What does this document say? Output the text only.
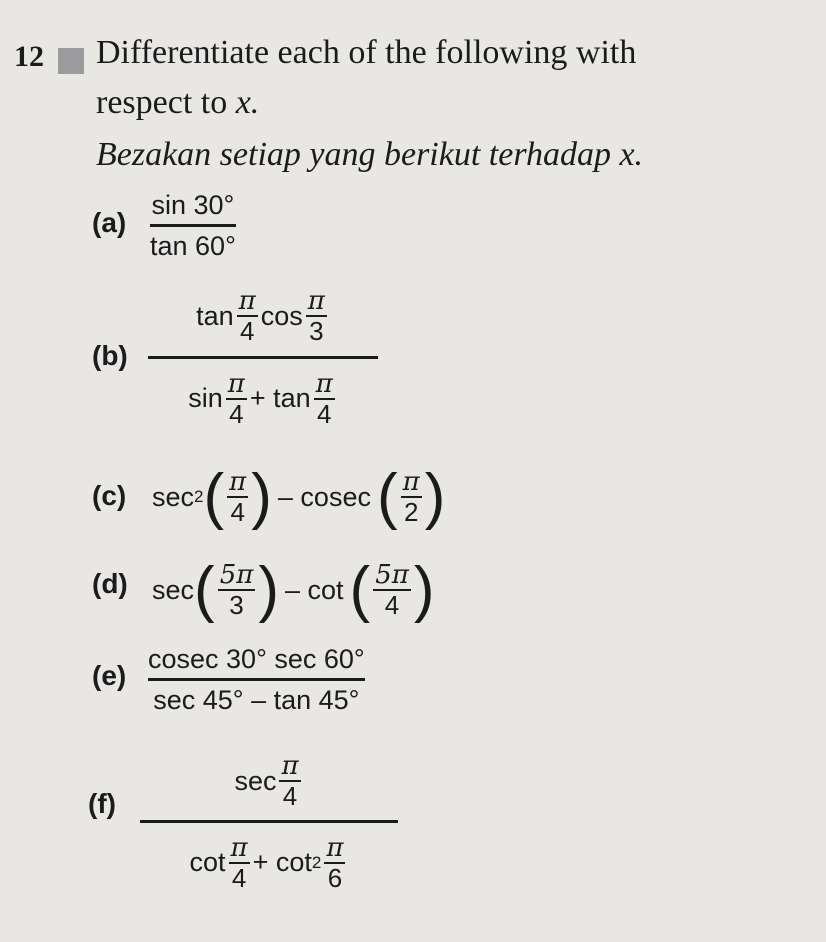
12 Differentiate each of the following with
respect to x.
Bezakan setiap yang berikut terhadap x.
(a)
sin 30°
tan 60°
(b)
$\tan \frac{\pi}{4}$ $\cos \frac{\pi}{3}$
$\sin \frac{\pi}{4} + \tan \frac{\pi}{4}$
(c) sec 2 ( $\frac{\pi}{4}$ ) – cosec ( $\frac{\pi}{2}$ )
(d) sec ( $\frac{5\pi}{3}$ ) – cot ( $\frac{5\pi}{4}$ )
(e)
cosec 30° sec 60°
sec 45° – tan 45°
(f)
$\sec \frac{\pi}{4}$
$\cot \frac{\pi}{4} + \cot 2 \frac{\pi}{6}$
